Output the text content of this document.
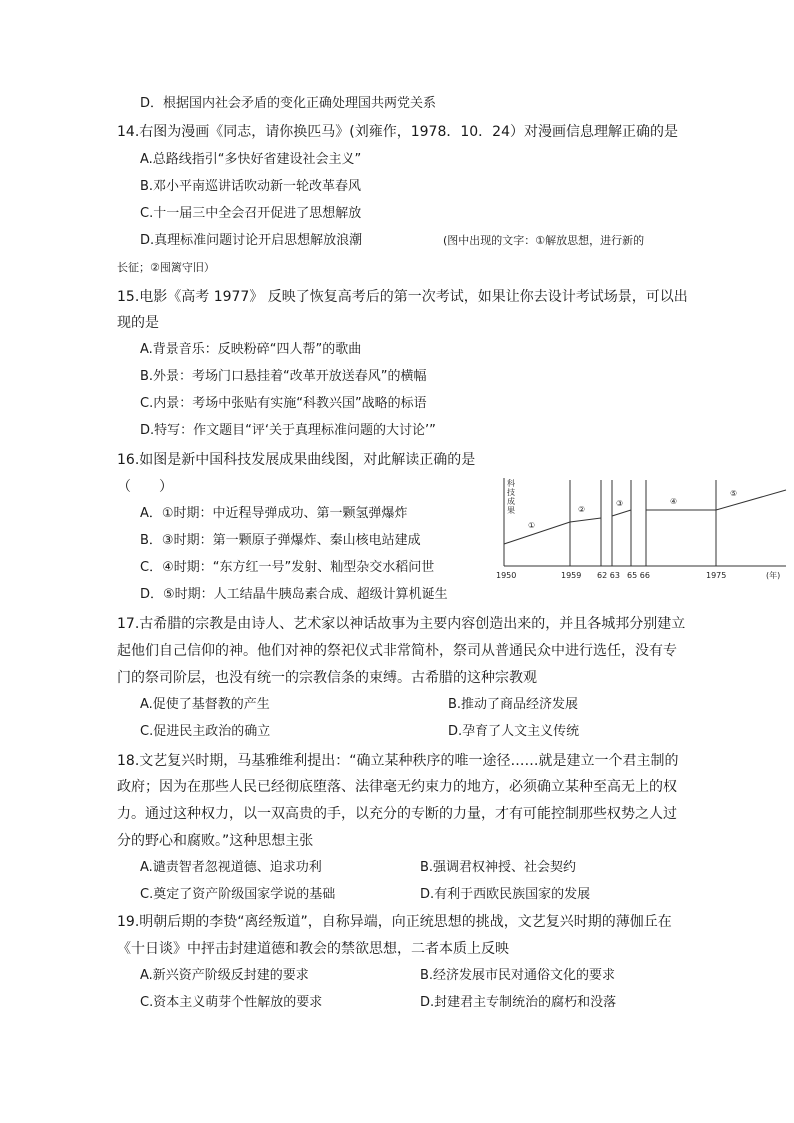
D．根据国内社会矛盾的变化正确处理国共两党关系
14.右图为漫画《同志，请你换匹马》(刘雍作，1978．10．24）对漫画信息理解正确的是
A.总路线指引“多快好省建设社会主义”
B.邓小平南巡讲话吹动新一轮改革春风
C.十一届三中全会召开促进了思想解放
D.真理标准问题讨论开启思想解放浪潮	(图中出现的文字：①解放思想，进行新的
长征；②囤篱守旧）
15.电影《高考 1977》 反映了恢复高考后的第一次考试，如果让你去设计考试场景，可以出
现的是
A.背景音乐：反映粉碎“四人帮”的歌曲
B.外景：考场门口悬挂着“改革开放送春风”的横幅
C.内景：考场中张贴有实施“科教兴国”战略的标语
D.特写：作文题目“评‘关于真理标准问题的大讨论’”
16.如图是新中国科技发展成果曲线图，对此解读正确的是
（　　）
A．①时期：中近程导弹成功、第一颗氢弹爆炸
B．③时期：第一颗原子弹爆炸、秦山核电站建成
C．④时期：“东方红一号”发射、籼型杂交水稻问世
D．⑤时期：人工结晶牛胰岛素合成、超级计算机诞生
科技成果
①
②
③	④
⑤
1950	1959 62 63 65 66	1975	(年)
17.古希腊的宗教是由诗人、艺术家以神话故事为主要内容创造出来的，并且各城邦分别建立
起他们自己信仰的神。他们对神的祭祀仪式非常简朴，祭司从普通民众中进行选任，没有专
门的祭司阶层，也没有统一的宗教信条的束缚。古希腊的这种宗教观
A.促使了基督教的产生	B.推动了商品经济发展
C.促进民主政治的确立	D.孕育了人文主义传统
18.文艺复兴时期，马基雅维利提出：“确立某种秩序的唯一途径……就是建立一个君主制的
政府；因为在那些人民已经彻底堕落、法律毫无约束力的地方，必须确立某种至高无上的权
力。通过这种权力，以一双高贵的手，以充分的专断的力量，才有可能控制那些权势之人过
分的野心和腐败。”这种思想主张
A.谴责智者忽视道德、追求功利	B.强调君权神授、社会契约
C.奠定了资产阶级国家学说的基础	D.有利于西欧民族国家的发展
19.明朝后期的李贽“离经叛道”，自称异端，向正统思想的挑战，文艺复兴时期的薄伽丘在
《十日谈》中抨击封建道德和教会的禁欲思想，二者本质上反映
A.新兴资产阶级反封建的要求	B.经济发展市民对通俗文化的要求
C.资本主义萌芽个性解放的要求	D.封建君主专制统治的腐朽和没落
